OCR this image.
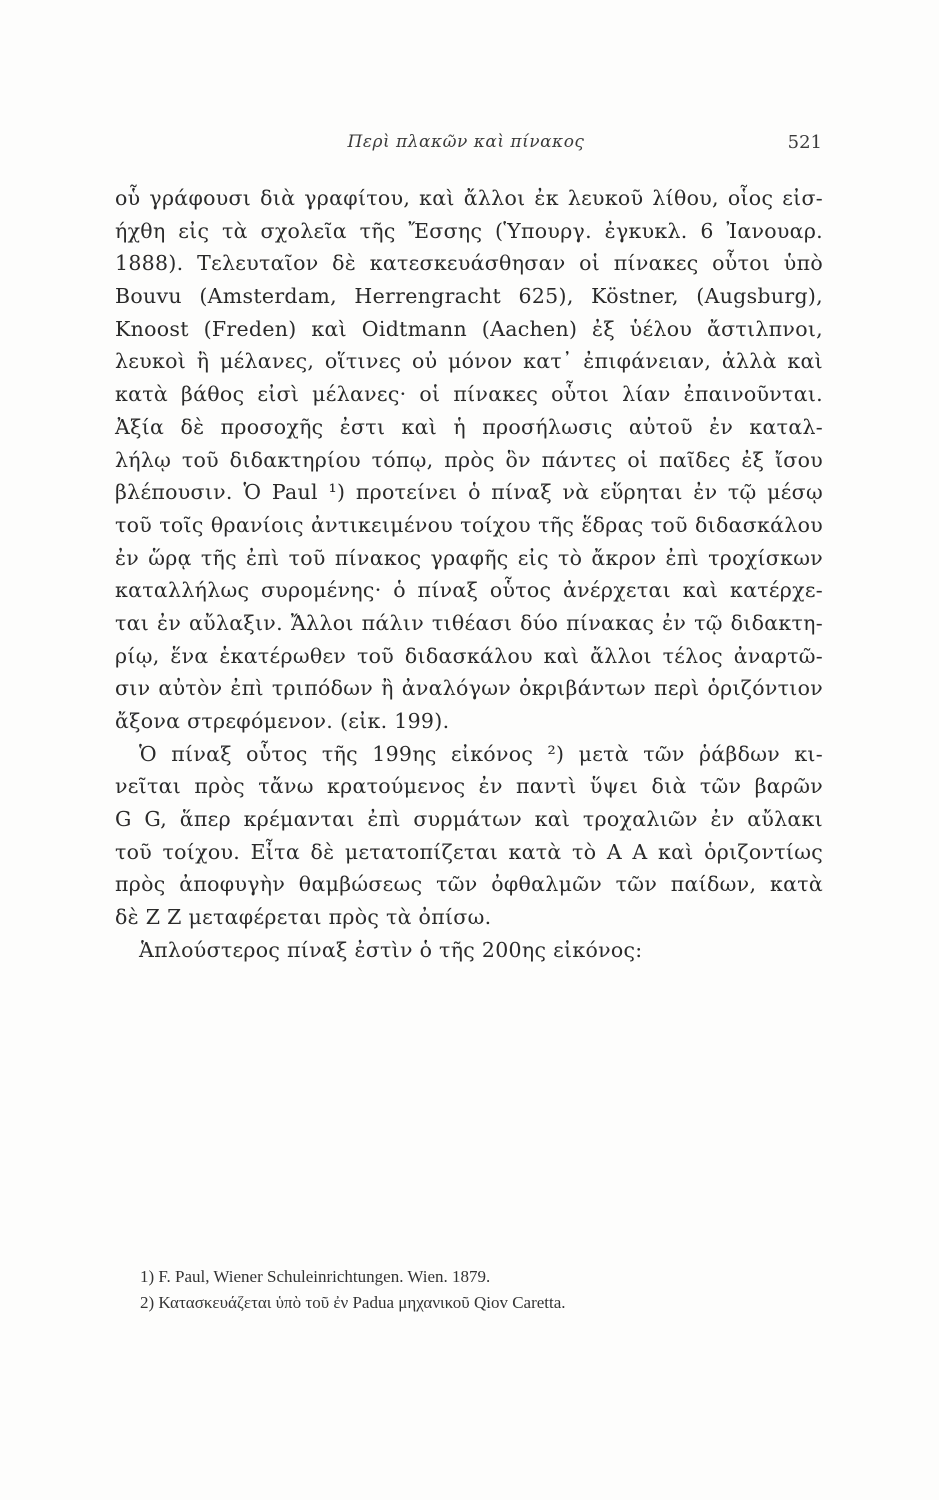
Περὶ πλακῶν καὶ πίνακος	521
οὗ γράφουσι διὰ γραφίτου, καὶ ἄλλοι ἐκ λευκοῦ λίθου, οἷος εἰσ-
ήχθη εἰς τὰ σχολεῖα τῆς Ἔσσης (Ὑπουργ. ἐγκυκλ. 6 Ἰανουαρ.
1888). Τελευταῖον δὲ κατεσκευάσθησαν οἱ πίνακες οὗτοι ὑπὸ
Bouvu (Amsterdam, Herrengracht 625), Köstner, (Augsburg),
Knoost (Freden) καὶ Oidtmann (Aachen) ἐξ ὑέλου ἄστιλπνοι,
λευκοὶ ἢ μέλανες, οἵτινες οὐ μόνον κατ᾽ ἐπιφάνειαν, ἀλλὰ καὶ
κατὰ βάθος εἰσὶ μέλανες· οἱ πίνακες οὗτοι λίαν ἐπαινοῦνται.
Ἀξία δὲ προσοχῆς ἐστι καὶ ἡ προσήλωσις αὐτοῦ ἐν καταλ-
λήλῳ τοῦ διδακτηρίου τόπῳ, πρὸς ὃν πάντες οἱ παῖδες ἐξ ἴσου
βλέπουσιν. Ὁ Paul ¹) προτείνει ὁ πίναξ νὰ εὕρηται ἐν τῷ μέσῳ
τοῦ τοῖς θρανίοις ἀντικειμένου τοίχου τῆς ἕδρας τοῦ διδασκάλου
ἐν ὥρᾳ τῆς ἐπὶ τοῦ πίνακος γραφῆς εἰς τὸ ἄκρον ἐπὶ τροχίσκων
καταλλήλως συρομένης· ὁ πίναξ οὗτος ἀνέρχεται καὶ κατέρχε-
ται ἐν αὔλαξιν. Ἄλλοι πάλιν τιθέασι δύο πίνακας ἐν τῷ διδακτη-
ρίῳ, ἕνα ἑκατέρωθεν τοῦ διδασκάλου καὶ ἄλλοι τέλος ἀναρτῶ-
σιν αὐτὸν ἐπὶ τριπόδων ἢ ἀναλόγων ὀκριβάντων περὶ ὁριζόντιον
ἄξονα στρεφόμενον. (εἰκ. 199).
Ὁ πίναξ οὗτος τῆς 199ης εἰκόνος ²) μετὰ τῶν ῥάβδων κι-
νεῖται πρὸς τἄνω κρατούμενος ἐν παντὶ ὕψει διὰ τῶν βαρῶν
G G, ἅπερ κρέμανται ἐπὶ συρμάτων καὶ τροχαλιῶν ἐν αὔλακι
τοῦ τοίχου. Εἶτα δὲ μετατοπίζεται κατὰ τὸ A A καὶ ὁριζοντίως
πρὸς ἀποφυγὴν θαμβώσεως τῶν ὀφθαλμῶν τῶν παίδων, κατὰ
δὲ Z Z μεταφέρεται πρὸς τὰ ὀπίσω.
Ἁπλούστερος πίναξ ἐστὶν ὁ τῆς 200ης εἰκόνος:
1) F. Paul, Wiener Schuleinrichtungen. Wien. 1879.
2) Κατασκευάζεται ὑπὸ τοῦ ἐν Padua μηχανικοῦ Qiov Caretta.
